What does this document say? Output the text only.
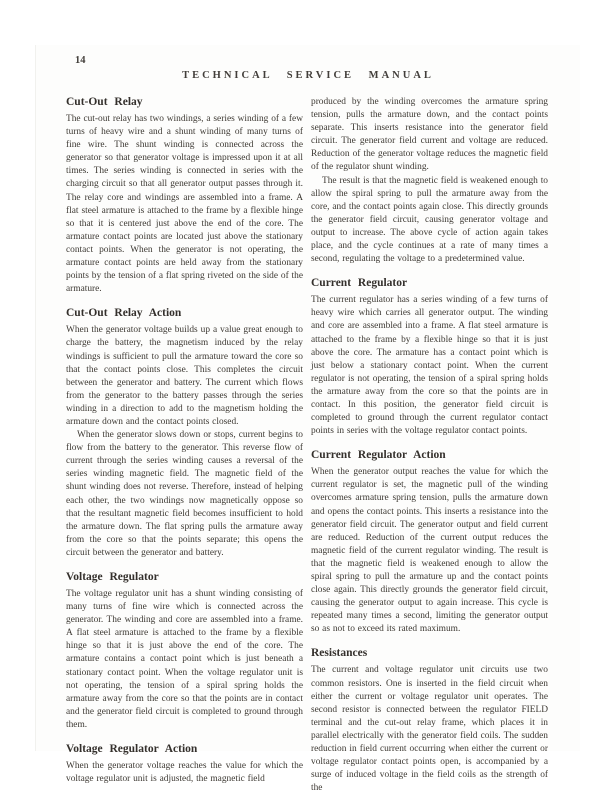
14
TECHNICAL SERVICE MANUAL
Cut-Out Relay

The cut-out relay has two windings, a series winding of a few turns of heavy wire and a shunt winding of many turns of fine wire. The shunt winding is connected across the generator so that generator voltage is impressed upon it at all times. The series winding is connected in series with the charging circuit so that all generator output passes through it. The relay core and windings are assembled into a frame. A flat steel armature is attached to the frame by a flexible hinge so that it is centered just above the end of the core. The armature contact points are located just above the stationary contact points. When the generator is not operating, the armature contact points are held away from the stationary points by the tension of a flat spring riveted on the side of the armature.

Cut-Out Relay Action

When the generator voltage builds up a value great enough to charge the battery, the magnetism induced by the relay windings is sufficient to pull the armature toward the core so that the contact points close. This completes the circuit between the generator and battery. The current which flows from the generator to the battery passes through the series winding in a direction to add to the magnetism holding the armature down and the contact points closed.

When the generator slows down or stops, current begins to flow from the battery to the generator. This reverse flow of current through the series winding causes a reversal of the series winding magnetic field. The magnetic field of the shunt winding does not reverse. Therefore, instead of helping each other, the two windings now magnetically oppose so that the resultant magnetic field becomes insufficient to hold the armature down. The flat spring pulls the armature away from the core so that the points separate; this opens the circuit between the generator and battery.

Voltage Regulator

The voltage regulator unit has a shunt winding consisting of many turns of fine wire which is connected across the generator. The winding and core are assembled into a frame. A flat steel armature is attached to the frame by a flexible hinge so that it is just above the end of the core. The armature contains a contact point which is just beneath a stationary contact point. When the voltage regulator unit is not operating, the tension of a spiral spring holds the armature away from the core so that the points are in contact and the generator field circuit is completed to ground through them.

Voltage Regulator Action

When the generator voltage reaches the value for which the voltage regulator unit is adjusted, the magnetic field

produced by the winding overcomes the armature spring tension, pulls the armature down, and the contact points separate. This inserts resistance into the generator field circuit. The generator field current and voltage are reduced. Reduction of the generator voltage reduces the magnetic field of the regulator shunt winding.

The result is that the magnetic field is weakened enough to allow the spiral spring to pull the armature away from the core, and the contact points again close. This directly grounds the generator field circuit, causing generator voltage and output to increase. The above cycle of action again takes place, and the cycle continues at a rate of many times a second, regulating the voltage to a predetermined value.

Current Regulator

The current regulator has a series winding of a few turns of heavy wire which carries all generator output. The winding and core are assembled into a frame. A flat steel armature is attached to the frame by a flexible hinge so that it is just above the core. The armature has a contact point which is just below a stationary contact point. When the current regulator is not operating, the tension of a spiral spring holds the armature away from the core so that the points are in contact. In this position, the generator field circuit is completed to ground through the current regulator contact points in series with the voltage regulator contact points.

Current Regulator Action

When the generator output reaches the value for which the current regulator is set, the magnetic pull of the winding overcomes armature spring tension, pulls the armature down and opens the contact points. This inserts a resistance into the generator field circuit. The generator output and field current are reduced. Reduction of the current output reduces the magnetic field of the current regulator winding. The result is that the magnetic field is weakened enough to allow the spiral spring to pull the armature up and the contact points close again. This directly grounds the generator field circuit, causing the generator output to again increase. This cycle is repeated many times a second, limiting the generator output so as not to exceed its rated maximum.

Resistances

The current and voltage regulator unit circuits use two common resistors. One is inserted in the field circuit when either the current or voltage regulator unit operates. The second resistor is connected between the regulator FIELD terminal and the cut-out relay frame, which places it in parallel electrically with the generator field coils. The sudden reduction in field current occurring when either the current or voltage regulator contact points open, is accompanied by a surge of induced voltage in the field coils as the strength of the
